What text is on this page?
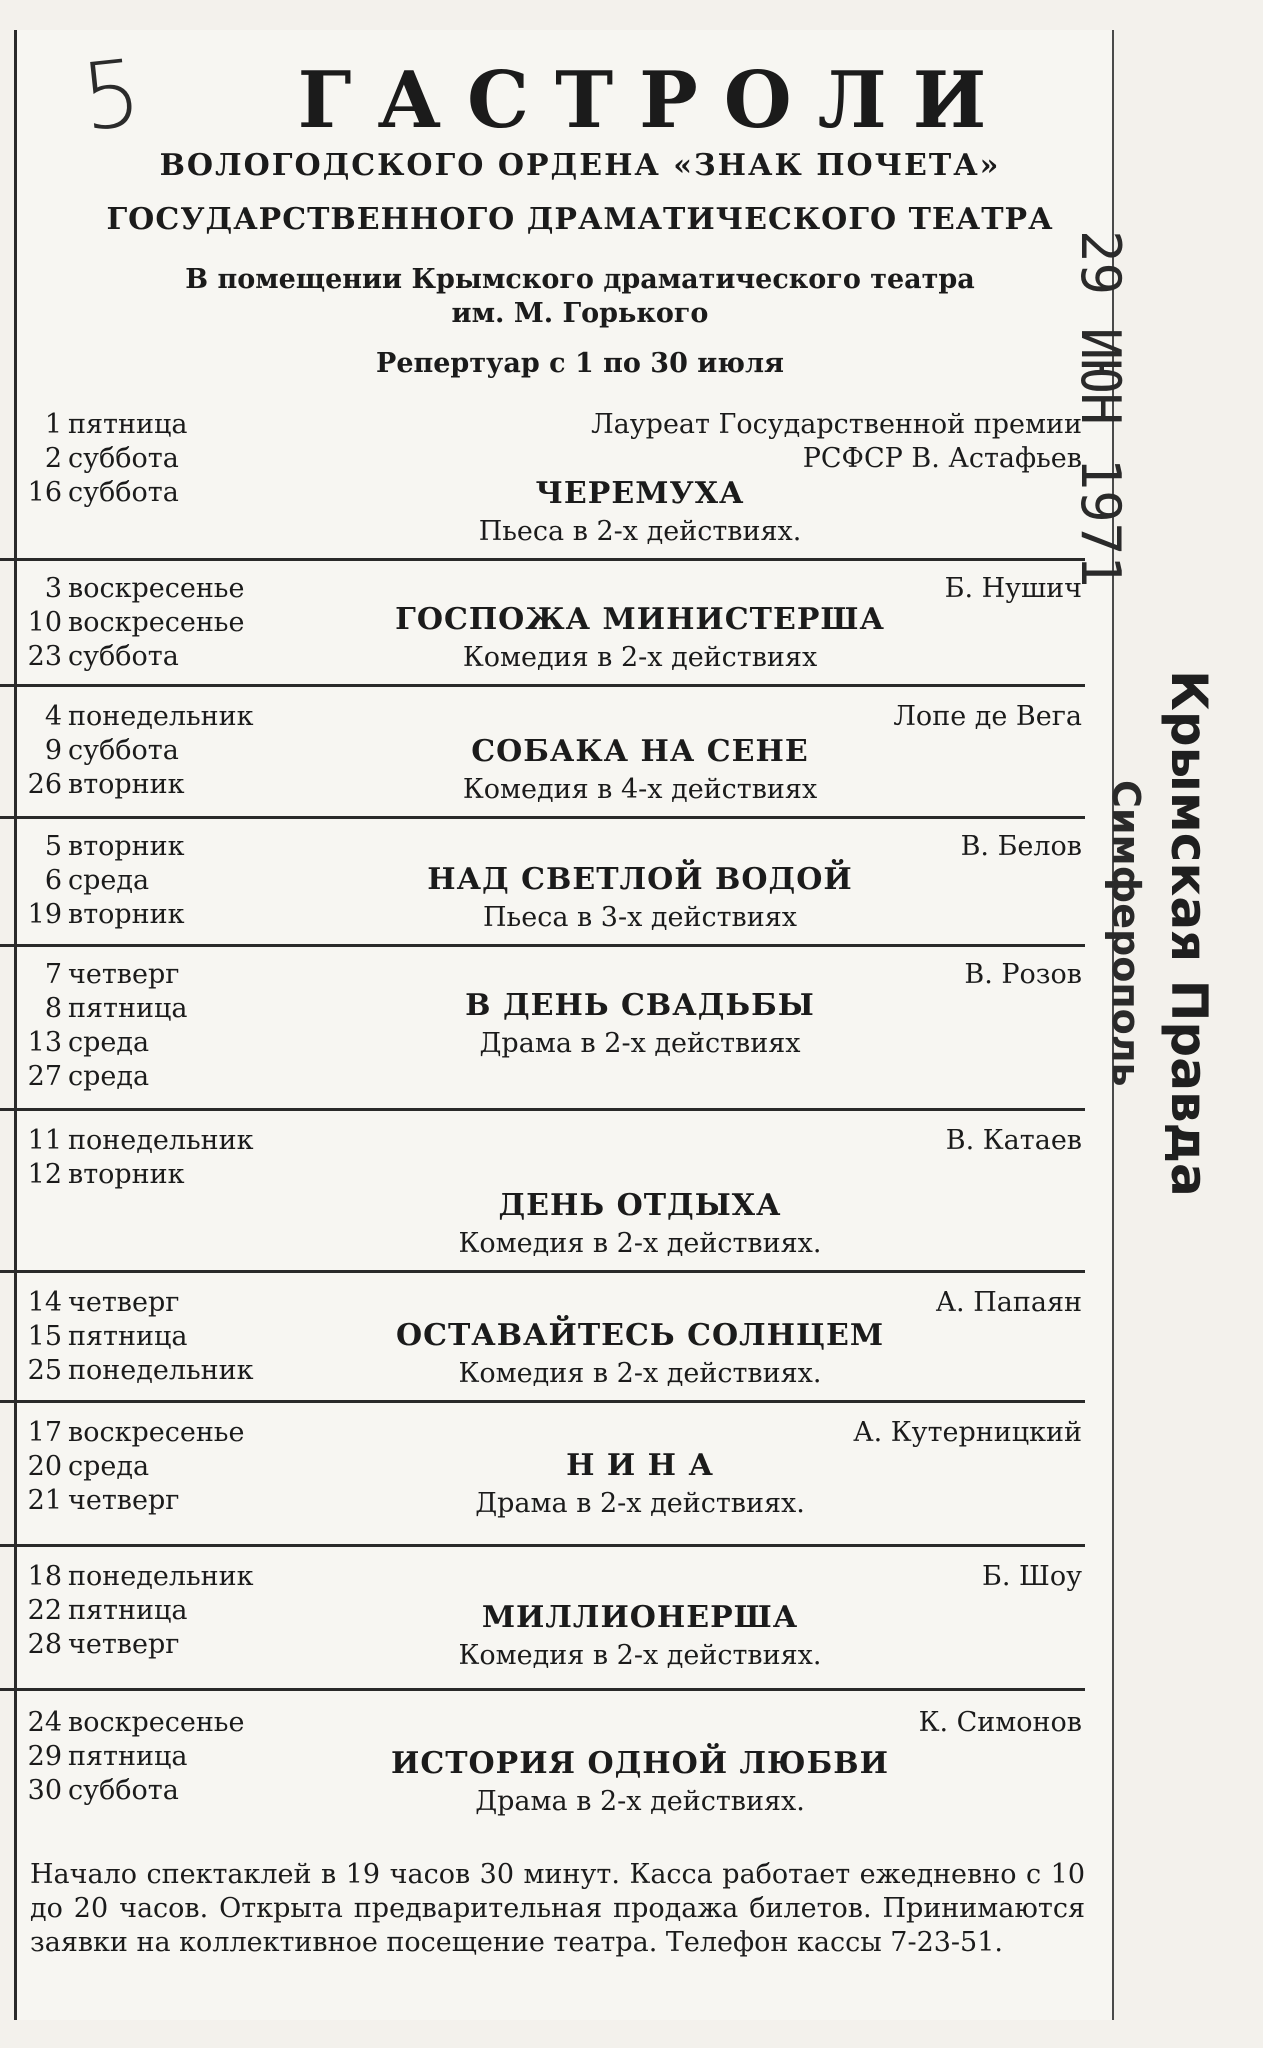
5	ГАСТРОЛИ
ВОЛОГОДСКОГО ОРДЕНА «ЗНАК ПОЧЕТА»
ГОСУДАРСТВЕННОГО ДРАМАТИЧЕСКОГО ТЕАТРА
В помещении Крымского драматического театра
им. М. Горького
Репертуар с 1 по 30 июля
1 пятница
2 суббота
16 суббота
Лауреат Государственной премии
РСФСР В. Астафьев
ЧЕРЕМУХА
Пьеса в 2-х действиях.
3 воскресенье
10 воскресенье
23 суббота
Б. Нушич
ГОСПОЖА МИНИСТЕРША
Комедия в 2-х действиях
4 понедельник
9 суббота
26 вторник
Лопе де Вега
СОБАКА НА СЕНЕ
Комедия в 4-х действиях
5 вторник
6 среда
19 вторник
В. Белов
НАД СВЕТЛОЙ ВОДОЙ
Пьеса в 3-х действиях
7 четверг
8 пятница
13 среда
27 среда
В. Розов
В ДЕНЬ СВАДЬБЫ
Драма в 2-х действиях
11 понедельник
12 вторник
В. Катаев
ДЕНЬ ОТДЫХА
Комедия в 2-х действиях.
14 четверг
15 пятница
25 понедельник
А. Папаян
ОСТАВАЙТЕСЬ СОЛНЦЕМ
Комедия в 2-х действиях.
17 воскресенье
20 среда
21 четверг
А. Кутерницкий
Н И Н А
Драма в 2-х действиях.
18 понедельник
22 пятница
28 четверг
Б. Шоу
МИЛЛИОНЕРША
Комедия в 2-х действиях.
24 воскресенье
29 пятница
30 суббота
К. Симонов
ИСТОРИЯ ОДНОЙ ЛЮБВИ
Драма в 2-х действиях.
Начало спектаклей в 19 часов 30 минут. Касса работает ежедневно с 10 до 20 часов. Открыта предварительная продажа билетов. Принимаются заявки на коллективное посещение театра. Телефон кассы 7-23-51.
29 ИЮН 1971
Крымская Правда
Симферополь
